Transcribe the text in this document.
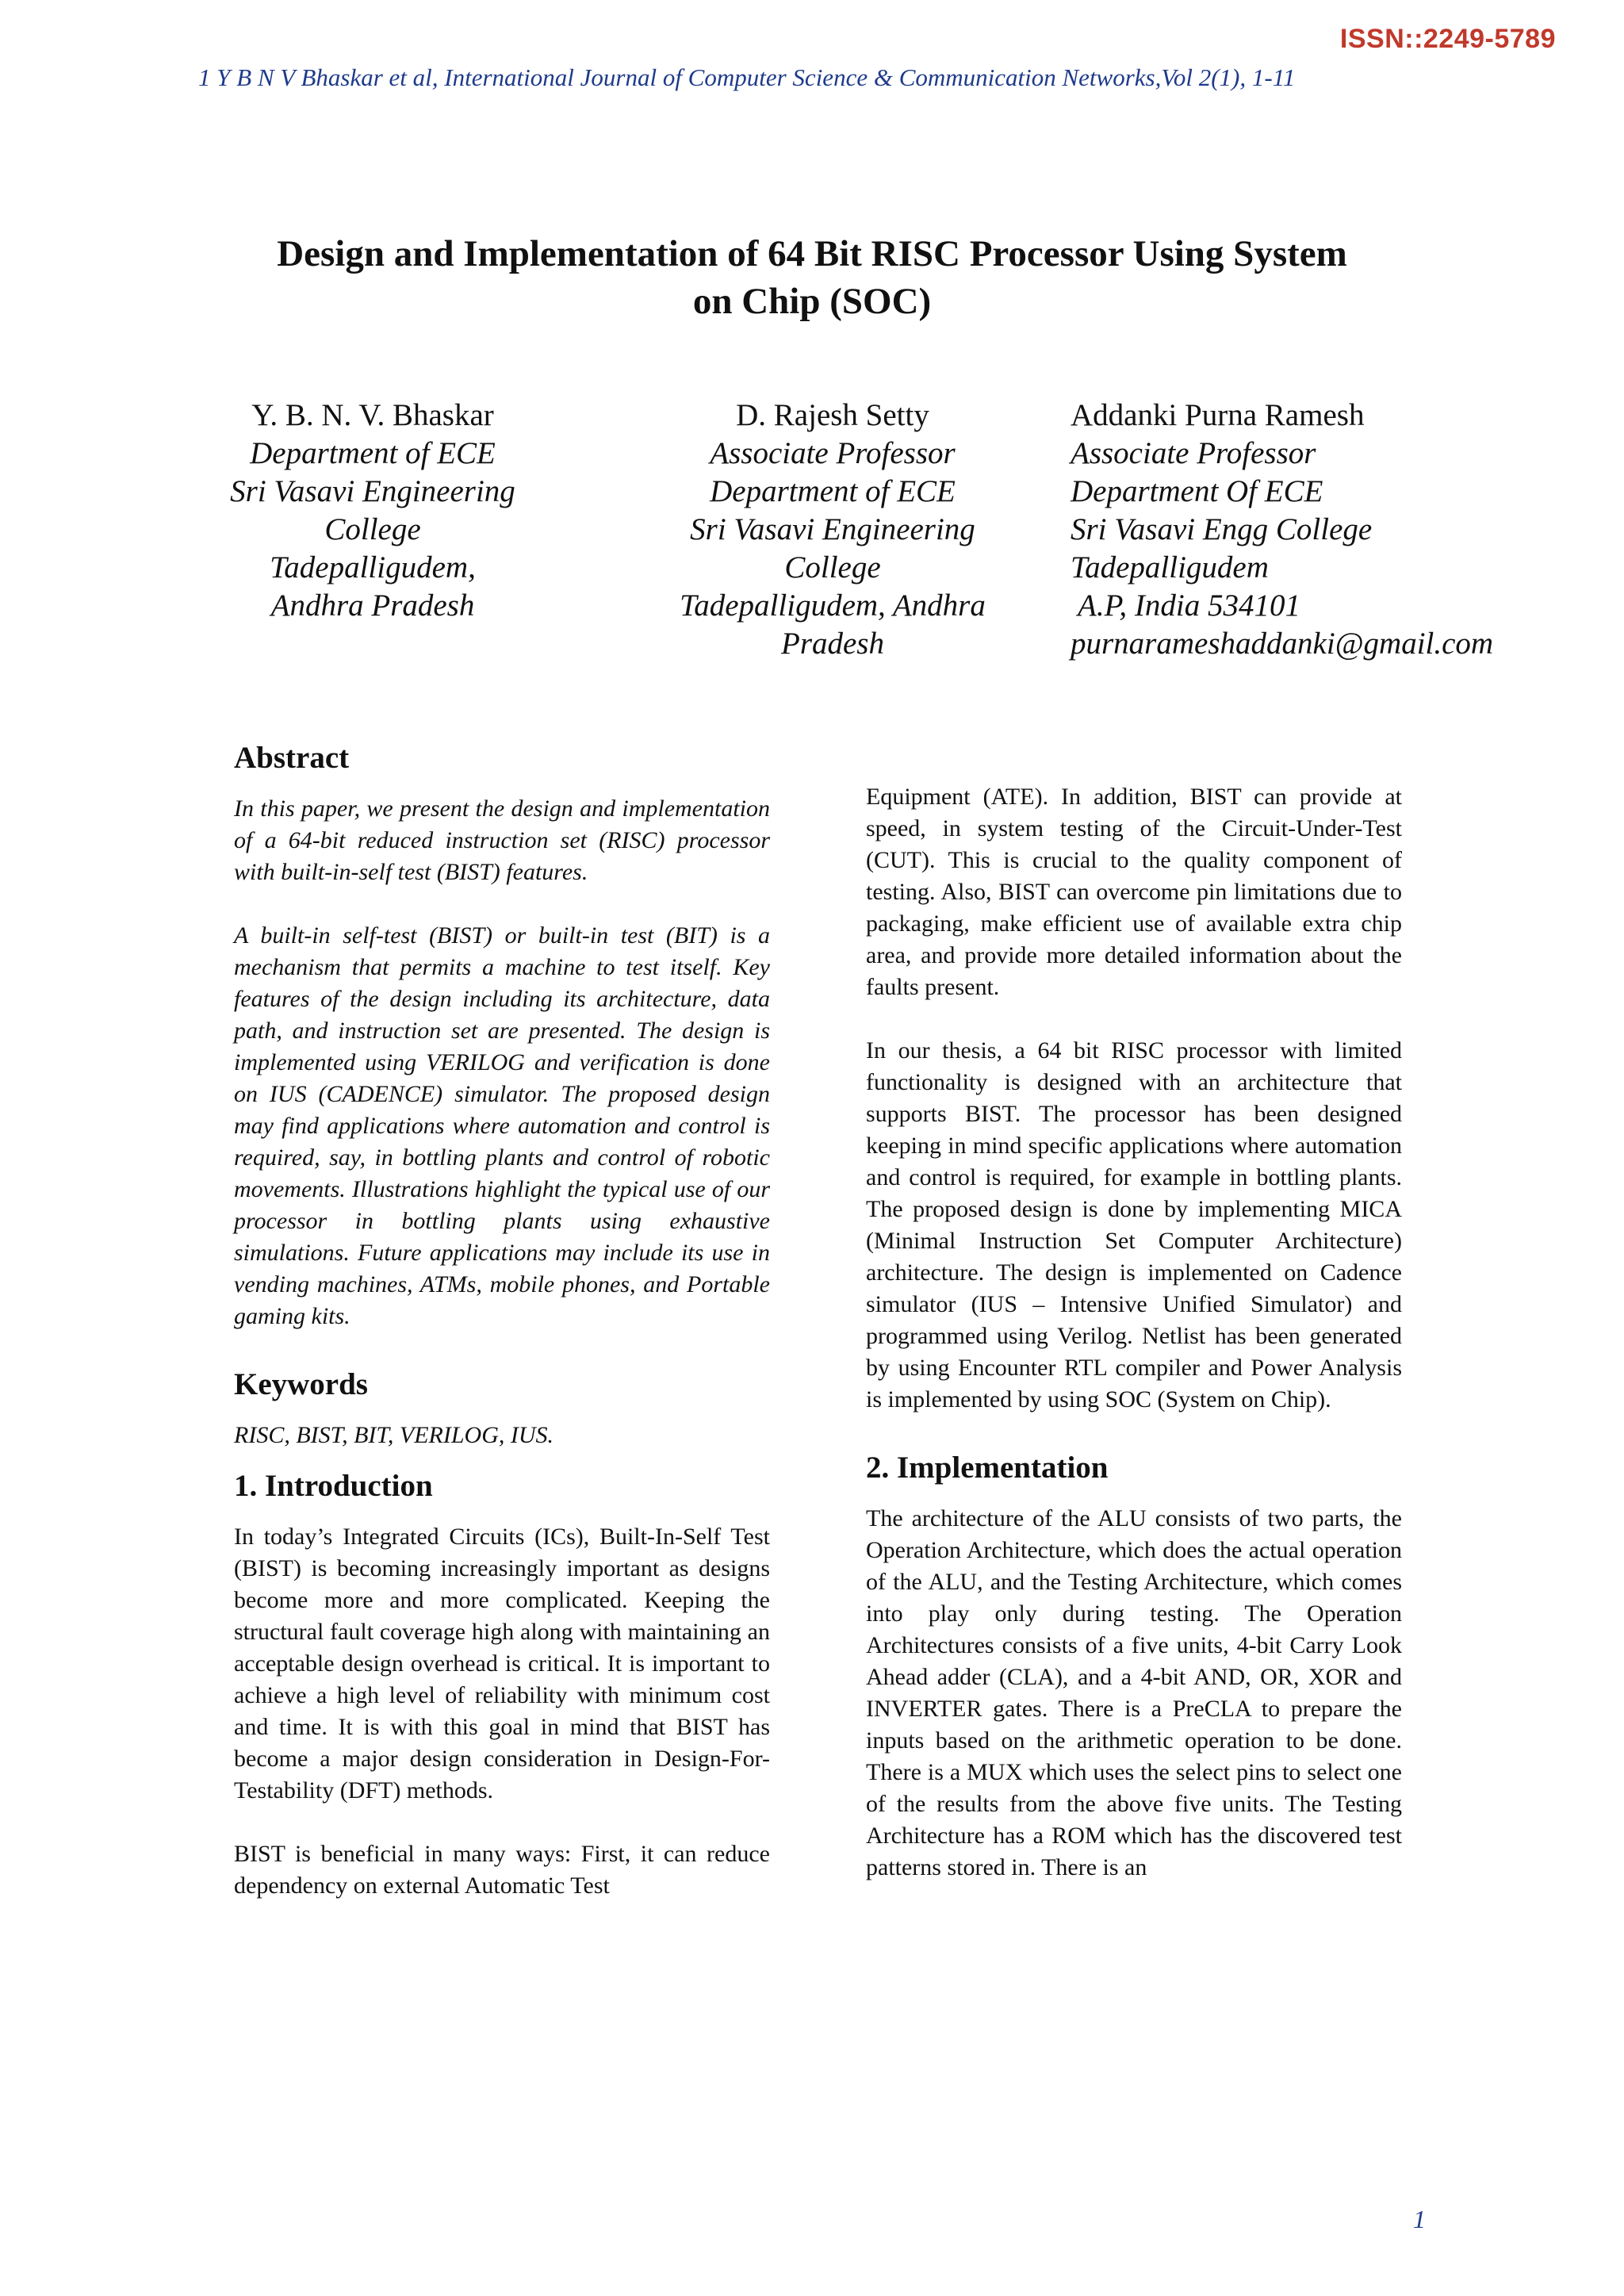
ISSN::2249-5789
1 Y B N V Bhaskar et al, International Journal of Computer Science & Communication Networks,Vol 2(1), 1-11
Design and Implementation of 64 Bit RISC Processor Using System
on Chip (SOC)
Y. B. N. V. Bhaskar
Department of ECE
Sri Vasavi Engineering
College
Tadepalligudem,
Andhra Pradesh
D. Rajesh Setty
Associate Professor
Department of ECE
Sri Vasavi Engineering
College
Tadepalligudem, Andhra
Pradesh
Addanki Purna Ramesh
Associate Professor
Department Of ECE
Sri Vasavi Engg College
Tadepalligudem
A.P, India 534101
purnarameshaddanki@gmail.com
Abstract

In this paper, we present the design and implementation of a 64-bit reduced instruction set (RISC) processor with built-in-self test (BIST) features.

A built-in self-test (BIST) or built-in test (BIT) is a mechanism that permits a machine to test itself. Key features of the design including its architecture, data path, and instruction set are presented. The design is implemented using VERILOG and verification is done on IUS (CADENCE) simulator. The proposed design may find applications where automation and control is required, say, in bottling plants and control of robotic movements. Illustrations highlight the typical use of our processor in bottling plants using exhaustive simulations. Future applications may include its use in vending machines, ATMs, mobile phones, and Portable gaming kits.

Keywords

RISC, BIST, BIT, VERILOG, IUS.

1. Introduction

In today’s Integrated Circuits (ICs), Built-In-Self Test (BIST) is becoming increasingly important as designs become more and more complicated. Keeping the structural fault coverage high along with maintaining an acceptable design overhead is critical. It is important to achieve a high level of reliability with minimum cost and time. It is with this goal in mind that BIST has become a major design consideration in Design-For-Testability (DFT) methods.

BIST is beneficial in many ways: First, it can reduce dependency on external Automatic Test

Equipment (ATE). In addition, BIST can provide at speed, in system testing of the Circuit-Under-Test (CUT). This is crucial to the quality component of testing. Also, BIST can overcome pin limitations due to packaging, make efficient use of available extra chip area, and provide more detailed information about the faults present.

In our thesis, a 64 bit RISC processor with limited functionality is designed with an architecture that supports BIST. The processor has been designed keeping in mind specific applications where automation and control is required, for example in bottling plants. The proposed design is done by implementing MICA (Minimal Instruction Set Computer Architecture) architecture. The design is implemented on Cadence simulator (IUS – Intensive Unified Simulator) and programmed using Verilog. Netlist has been generated by using Encounter RTL compiler and Power Analysis is implemented by using SOC (System on Chip).

2. Implementation

The architecture of the ALU consists of two parts, the Operation Architecture, which does the actual operation of the ALU, and the Testing Architecture, which comes into play only during testing. The Operation Architectures consists of a five units, 4-bit Carry Look Ahead adder (CLA), and a 4-bit AND, OR, XOR and INVERTER gates. There is a PreCLA to prepare the inputs based on the arithmetic operation to be done. There is a MUX which uses the select pins to select one of the results from the above five units. The Testing Architecture has a ROM which has the discovered test patterns stored in. There is an

1
